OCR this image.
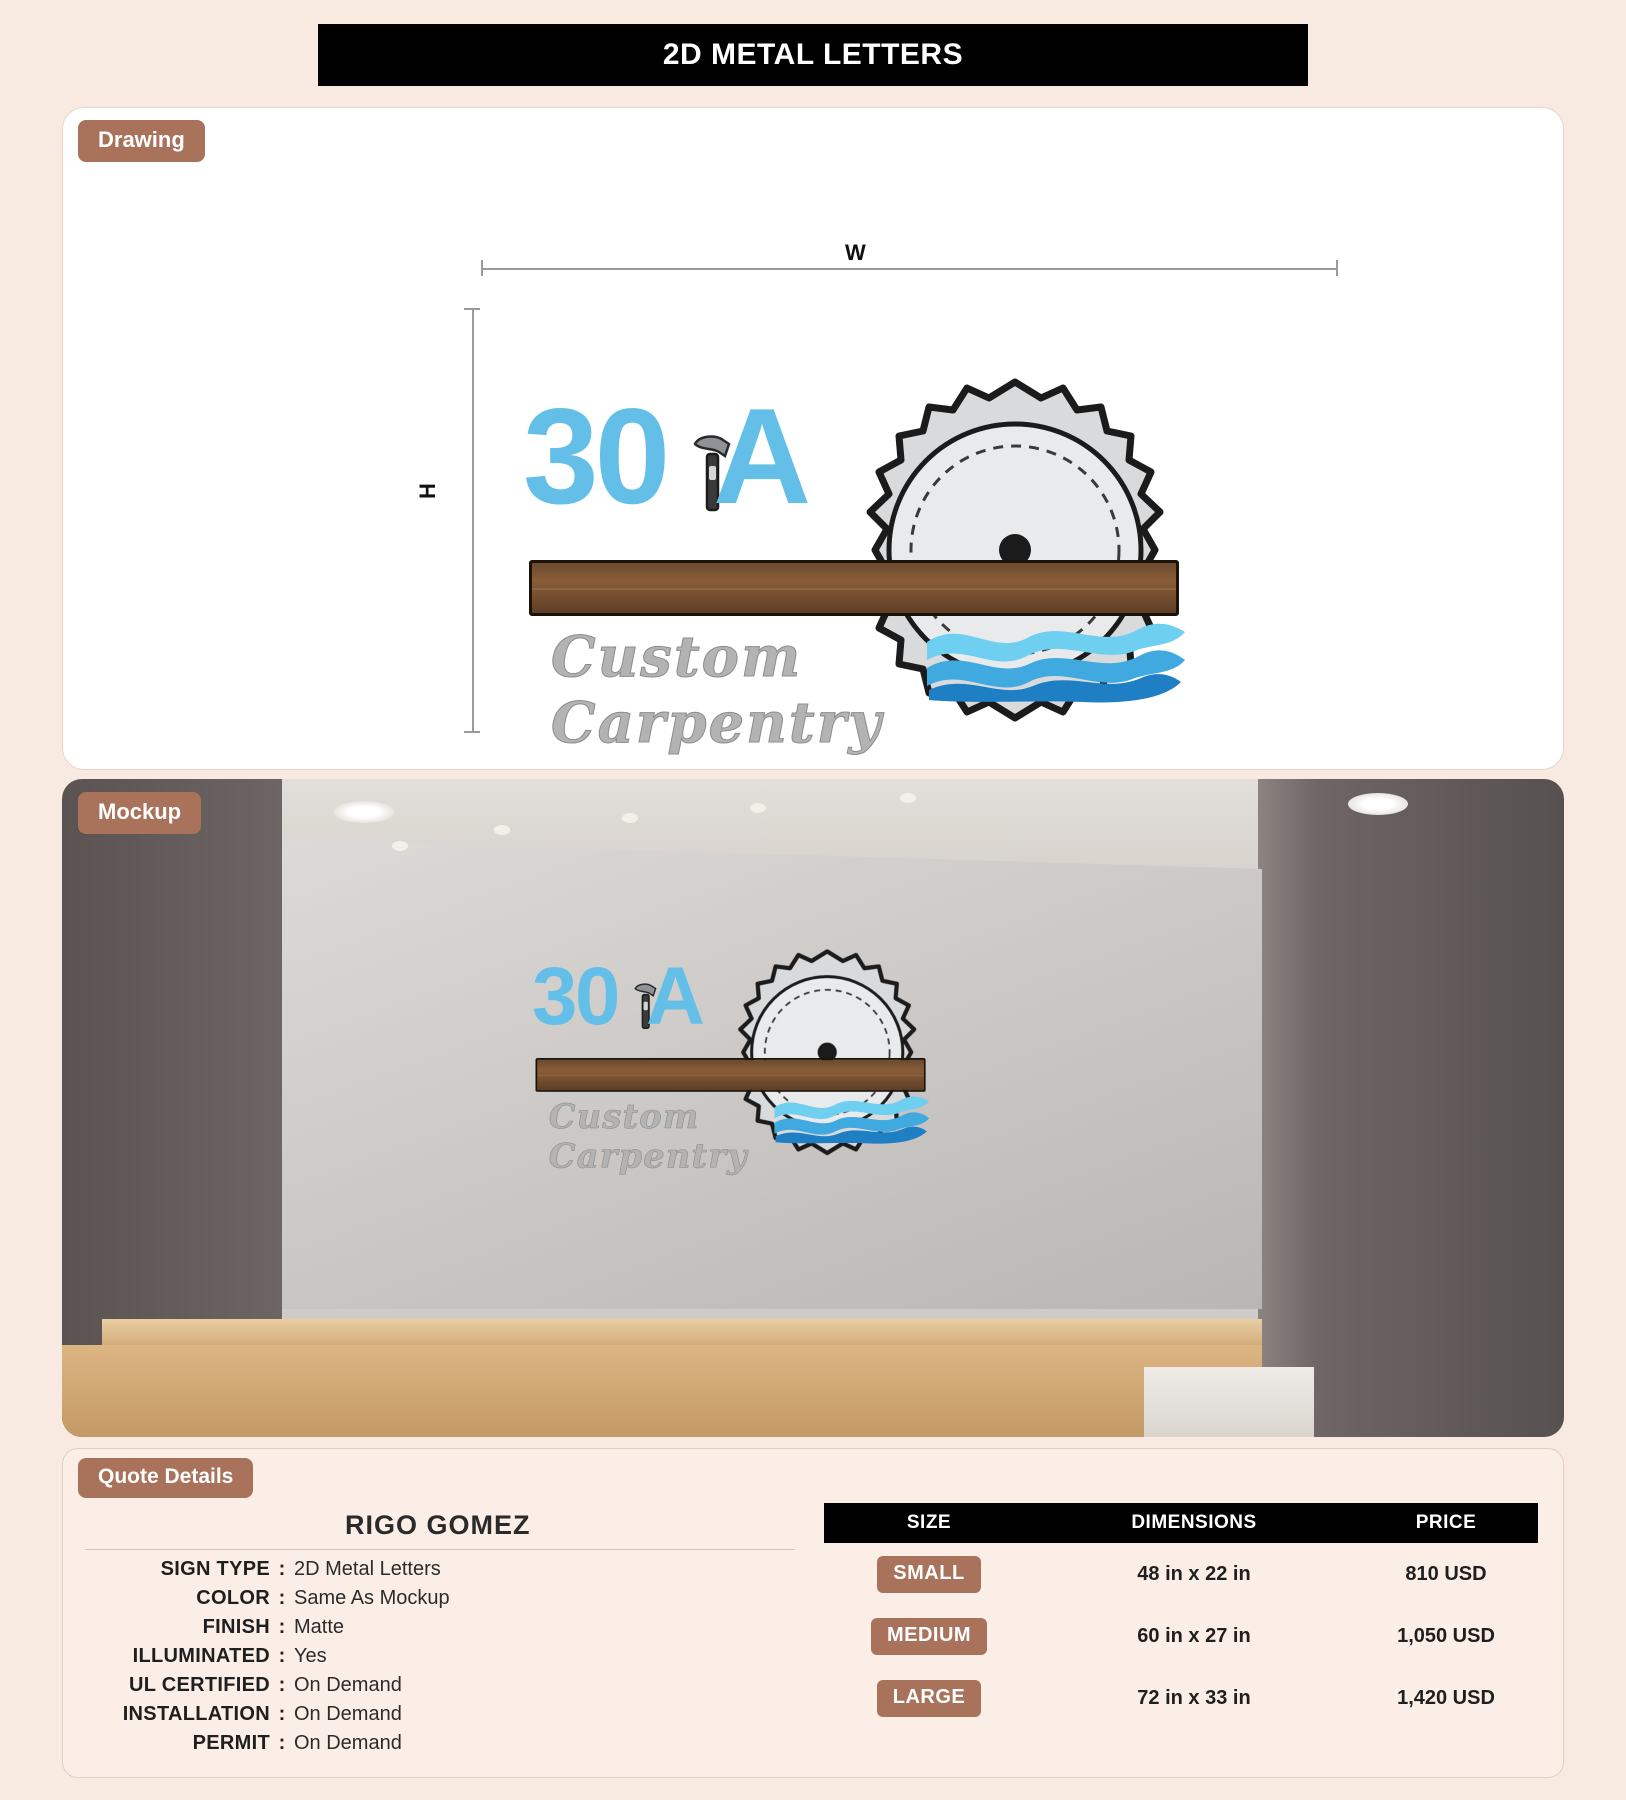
2D METAL LETTERS
W
H 30 A
Custom Carpentry
Drawing
30 A
Custom Carpentry
Mockup
Quote Details
RIGO GOMEZ
SIGN TYPE : 2D Metal Letters
COLOR : Same As Mockup
FINISH : Matte
ILLUMINATED : Yes
UL CERTIFIED : On Demand
INSTALLATION : On Demand
PERMIT : On Demand
SIZE	DIMENSIONS	PRICE
SMALL	48 in x 22 in	810 USD
MEDIUM	60 in x 27 in	1,050 USD
LARGE	72 in x 33 in	1,420 USD
